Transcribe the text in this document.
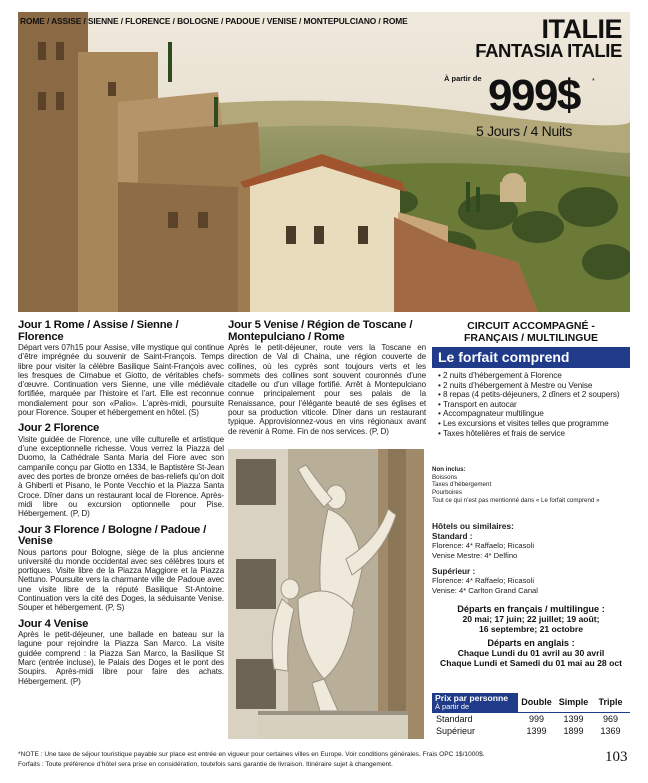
ROME / ASSISE / SIENNE / FLORENCE / BOLOGNE / PADOUE / VENISE / MONTEPULCIANO / ROME	ITALIE
FANTASIA ITALIE
À partir de 999$ *
5 Jours / 4 Nuits
Jour 1 Rome / Assise / Sienne / Florence
Départ vers 07h15 pour Assise, ville mystique qui continue d’être imprégnée du souvenir de Saint-François. Temps libre pour visiter la célèbre Basilique Saint-François avec les fresques de Cimabue et Giotto, de véritables chefs-d’œuvre. Continuation vers Sienne, une ville médiévale fortifiée, marquée par l’histoire et l’art. Elle est reconnue mondialement pour son «Palio». L’après-midi, poursuite pour Florence. Souper et hébergement en hôtel. (S)
Jour 2 Florence
Visite guidée de Florence, une ville culturelle et artistique d’une exceptionnelle richesse. Vous verrez la Piazza del Duomo, la Cathédrale Santa Maria del Fiore avec son campanile conçu par Giotto en 1334, le Baptistère St-Jean avec des portes de bronze ornées de bas-reliefs qu’on doit à Ghiberti et Pisano, le Ponte Vecchio et la Piazza Santa Croce. Dîner dans un restaurant local de Florence. Après-midi libre ou excursion optionnelle pour Pise. Hébergement. (P, D)
Jour 3 Florence / Bologne / Padoue / Venise
Nous partons pour Bologne, siège de la plus ancienne université du monde occidental avec ses célèbres tours et portiques. Visite libre de la Piazza Maggiore et la Piazza Nettuno. Poursuite vers la charmante ville de Padoue avec une visite libre de la réputé Basilique St-Antoine. Continuation vers la cité des Doges, la séduisante Venise. Souper et hébergement. (P, S)
Jour 4 Venise
Après le petit-déjeuner, une ballade en bateau sur la lagune pour rejoindre la Piazza San Marco. La visite guidée comprend : la Piazza San Marco, la Basilique St Marc (entrée incluse), le Palais des Doges et le pont des Soupirs. Après-midi libre pour faire des achats. Hébergement. (P)
Jour 5 Venise / Région de Toscane / Montepulciano / Rome
Après le petit-déjeuner, route vers la Toscane en direction de Val di Chaina, une région couverte de collines, où les cyprès sont toujours verts et les sommets des collines sont souvent couronnés d’une citadelle ou d’un village fortifié. Arrêt à Montepulciano connue principalement pour ses palais de la Renaissance, pour l’élégante beauté de ses églises et pour sa production viticole. Dîner dans un restaurant typique. Approvisionnez-vous en vins régionaux avant de revenir à Rome. Fin de nos services. (P, D)
CIRCUIT ACCOMPAGNÉ -
FRANÇAIS / MULTILINGUE
Le forfait comprend
• 2 nuits d’hébergement à Florence
• 2 nuits d’hébergement à Mestre ou Venise
• 8 repas (4 petits-déjeuners, 2 dîners et 2 soupers)
• Transport en autocar
• Accompagnateur multilingue
• Les excursions et visites telles que programme
• Taxes hôtelières et frais de service
Non inclus:
Boissons
Taxes d’hébergement
Pourboires
Tout ce qui n’est pas mentionné dans « Le forfait comprend »
Hôtels ou similaires:
Standard :
Florence: 4* Raffaelo; Ricasoli
Venise Mestre: 4* Delfino
Supérieur :
Florence: 4* Raffaelo; Ricasoli
Venise: 4* Carlton Grand Canal
Départs en français / multilingue :
20 mai; 17 juin; 22 juillet; 19 août;
16 septembre; 21 octobre
Départs en anglais :
Chaque Lundi du 01 avril au 30 avril
Chaque Lundi et Samedi du 01 mai au 28 oct
Prix par personne
À partir de	Double Simple	Triple
Standard	999	1399	969
Supérieur	1399	1899	1369
*NOTE : Une taxe de séjour touristique payable sur place est entrée en vigueur pour certaines villes en Europe. Voir conditions générales. Frais OPC 1$/1000$.
Forfaits : Toute préférence d’hôtel sera prise en considération, toutefois sans garantie de livraison. Itinéraire sujet à changement.	103
